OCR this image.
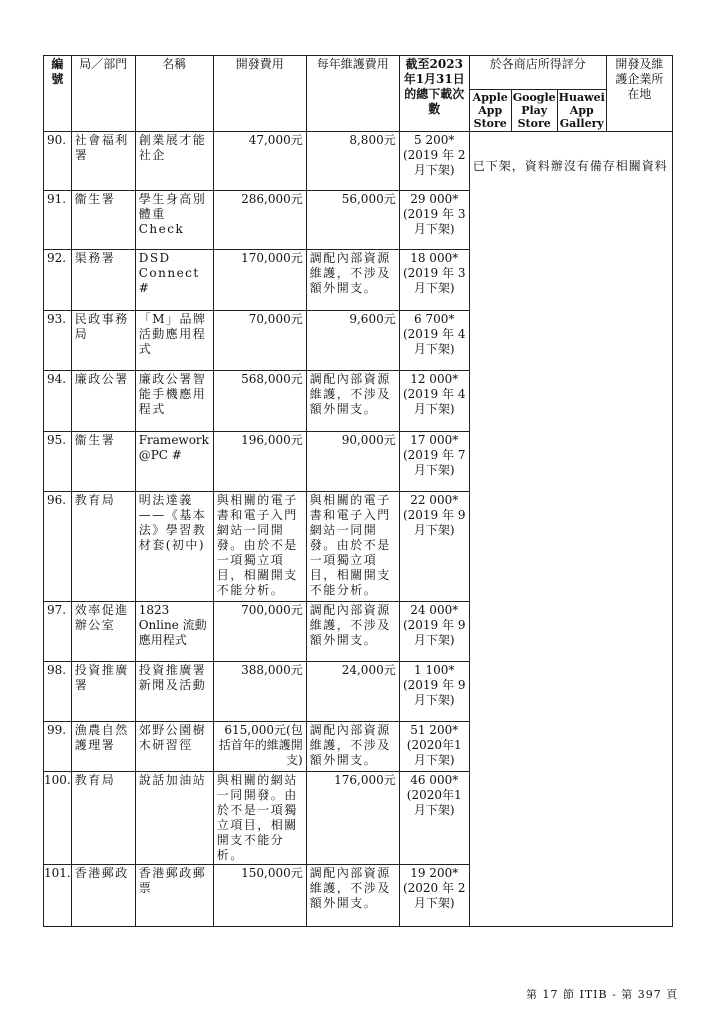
編號	局／部門	名稱	開發費用	每年維護費用	截至2023年1月31日的總下載次數	於各商店所得評分			開發及維護企業所在地
						Apple App Store	Google Play Store	Huawei App Gallery	
90.	社會福利署	創業展才能社企	47,000元	8,800元	5 200*(2019 年 2 月下架)	已下架，資料辦沒有備存相關資料			
91.	衞生署	學生身高別體重Check	286,000元	56,000元	29 000*(2019 年 3 月下架)				
92.	渠務署	DSD Connect #	170,000元	調配內部資源維護，不涉及額外開支。	18 000*(2019 年 3 月下架)				
93.	民政事務局	「M」品牌活動應用程式	70,000元	9,600元	6 700*(2019 年 4 月下架)				
94.	廉政公署	廉政公署智能手機應用程式	568,000元	調配內部資源維護，不涉及額外開支。	12 000*(2019 年 4 月下架)				
95.	衞生署	Framework @PC #	196,000元	90,000元	17 000*(2019 年 7 月下架)				
96.	教育局	明法達義——《基本法》學習教材套(初中)	與相關的電子書和電子入門網站一同開發。由於不是一項獨立項目，相關開支不能分析。	與相關的電子書和電子入門網站一同開發。由於不是一項獨立項目，相關開支不能分析。	22 000*(2019 年 9 月下架)				
97.	效率促進辦公室	1823 Online 流動應用程式	700,000元	調配內部資源維護，不涉及額外開支。	24 000*(2019 年 9 月下架)				
98.	投資推廣署	投資推廣署新聞及活動	388,000元	24,000元	1 100*(2019 年 9 月下架)				
99.	漁農自然護理署	郊野公園樹木研習徑	615,000元(包括首年的維護開支)	調配內部資源維護，不涉及額外開支。	51 200*(2020年1 月下架)				
100.	教育局	說話加油站	與相關的網站一同開發。由於不是一項獨立項目，相關開支不能分析。	176,000元	46 000*(2020年1 月下架)				
101.	香港郵政	香港郵政郵票	150,000元	調配內部資源維護，不涉及額外開支。	19 200*(2020 年 2 月下架)				
第 17 節 ITIB - 第 397 頁
